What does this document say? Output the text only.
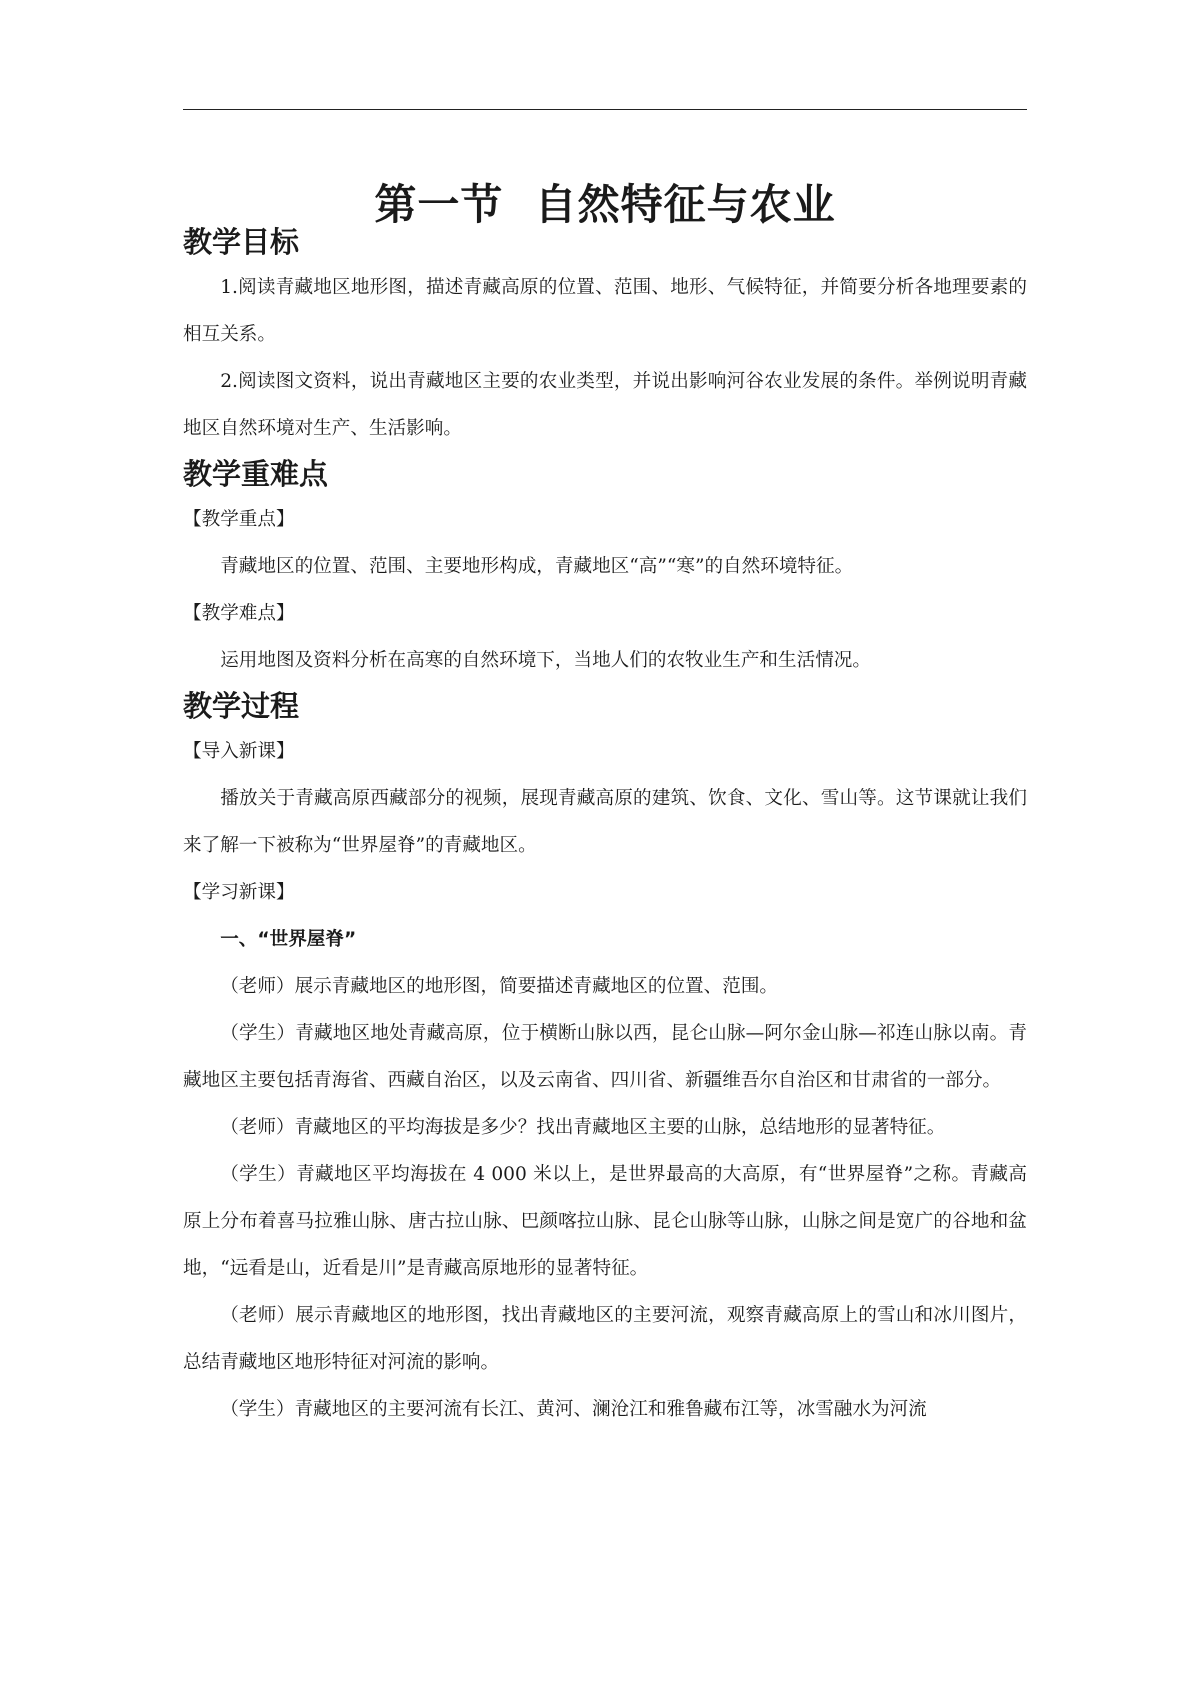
第一节  自然特征与农业
教学目标

1.阅读青藏地区地形图，描述青藏高原的位置、范围、地形、气候特征，并简要分析各地理要素的相互关系。

2.阅读图文资料，说出青藏地区主要的农业类型，并说出影响河谷农业发展的条件。举例说明青藏地区自然环境对生产、生活影响。

教学重难点

【教学重点】

青藏地区的位置、范围、主要地形构成，青藏地区“高”“寒”的自然环境特征。

【教学难点】

运用地图及资料分析在高寒的自然环境下，当地人们的农牧业生产和生活情况。

教学过程

【导入新课】

播放关于青藏高原西藏部分的视频，展现青藏高原的建筑、饮食、文化、雪山等。这节课就让我们来了解一下被称为“世界屋脊”的青藏地区。

【学习新课】

一、“世界屋脊”

（老师）展示青藏地区的地形图，简要描述青藏地区的位置、范围。

（学生）青藏地区地处青藏高原，位于横断山脉以西，昆仑山脉—阿尔金山脉—祁连山脉以南。青藏地区主要包括青海省、西藏自治区，以及云南省、四川省、新疆维吾尔自治区和甘肃省的一部分。

（老师）青藏地区的平均海拔是多少？找出青藏地区主要的山脉，总结地形的显著特征。

（学生）青藏地区平均海拔在 4 000 米以上，是世界最高的大高原，有“世界屋脊”之称。青藏高原上分布着喜马拉雅山脉、唐古拉山脉、巴颜喀拉山脉、昆仑山脉等山脉，山脉之间是宽广的谷地和盆地，“远看是山，近看是川”是青藏高原地形的显著特征。

（老师）展示青藏地区的地形图，找出青藏地区的主要河流，观察青藏高原上的雪山和冰川图片，总结青藏地区地形特征对河流的影响。

（学生）青藏地区的主要河流有长江、黄河、澜沧江和雅鲁藏布江等，冰雪融水为河流
